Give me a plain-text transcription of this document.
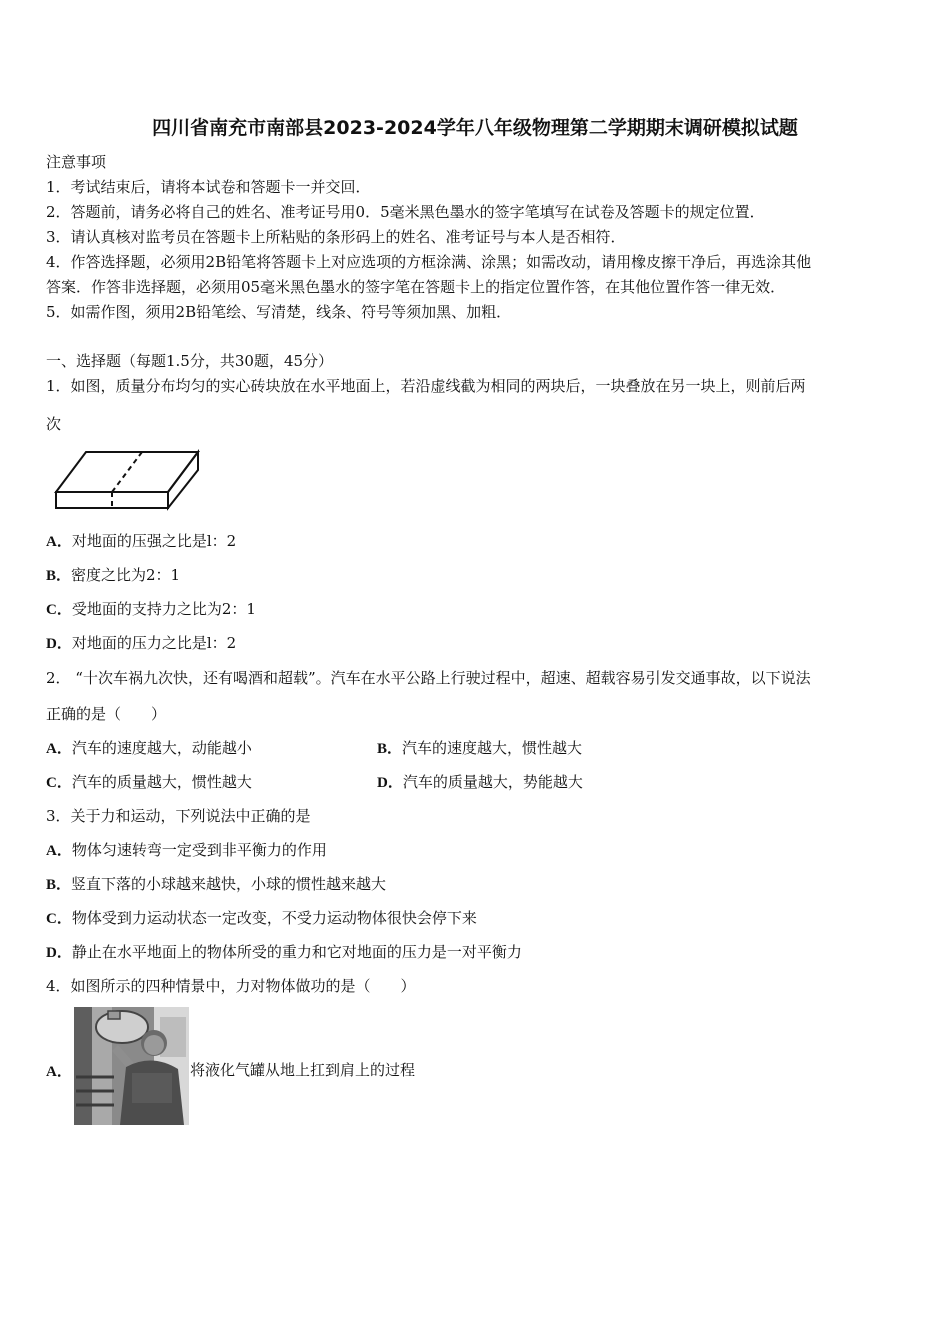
四川省南充市南部县2023-2024学年八年级物理第二学期期末调研模拟试题
注意事项
1．考试结束后，请将本试卷和答题卡一并交回．
2．答题前，请务必将自己的姓名、准考证号用0．5毫米黑色墨水的签字笔填写在试卷及答题卡的规定位置．
3．请认真核对监考员在答题卡上所粘贴的条形码上的姓名、准考证号与本人是否相符．
4．作答选择题，必须用2B铅笔将答题卡上对应选项的方框涂满、涂黑；如需改动，请用橡皮擦干净后，再选涂其他
答案．作答非选择题，必须用05毫米黑色墨水的签字笔在答题卡上的指定位置作答，在其他位置作答一律无效．
5．如需作图，须用2B铅笔绘、写清楚，线条、符号等须加黑、加粗．
一、选择题（每题1.5分，共30题，45分）
1．如图，质量分布均匀的实心砖块放在水平地面上，若沿虚线截为相同的两块后，一块叠放在另一块上，则前后两
次
A．对地面的压强之比是l：2
B．密度之比为2：1
C．受地面的支持力之比为2：1
D．对地面的压力之比是l：2
2． “十次车祸九次快，还有喝酒和超载”。汽车在水平公路上行驶过程中，超速、超载容易引发交通事故，以下说法
正确的是（　　）
A．汽车的速度越大，动能越小	B．汽车的速度越大，惯性越大
C．汽车的质量越大，惯性越大	D．汽车的质量越大，势能越大
3．关于力和运动，下列说法中正确的是
A．物体匀速转弯一定受到非平衡力的作用
B．竖直下落的小球越来越快，小球的惯性越来越大
C．物体受到力运动状态一定改变，不受力运动物体很快会停下来
D．静止在水平地面上的物体所受的重力和它对地面的压力是一对平衡力
4．如图所示的四种情景中，力对物体做功的是（　　）
A．	将液化气罐从地上扛到肩上的过程
